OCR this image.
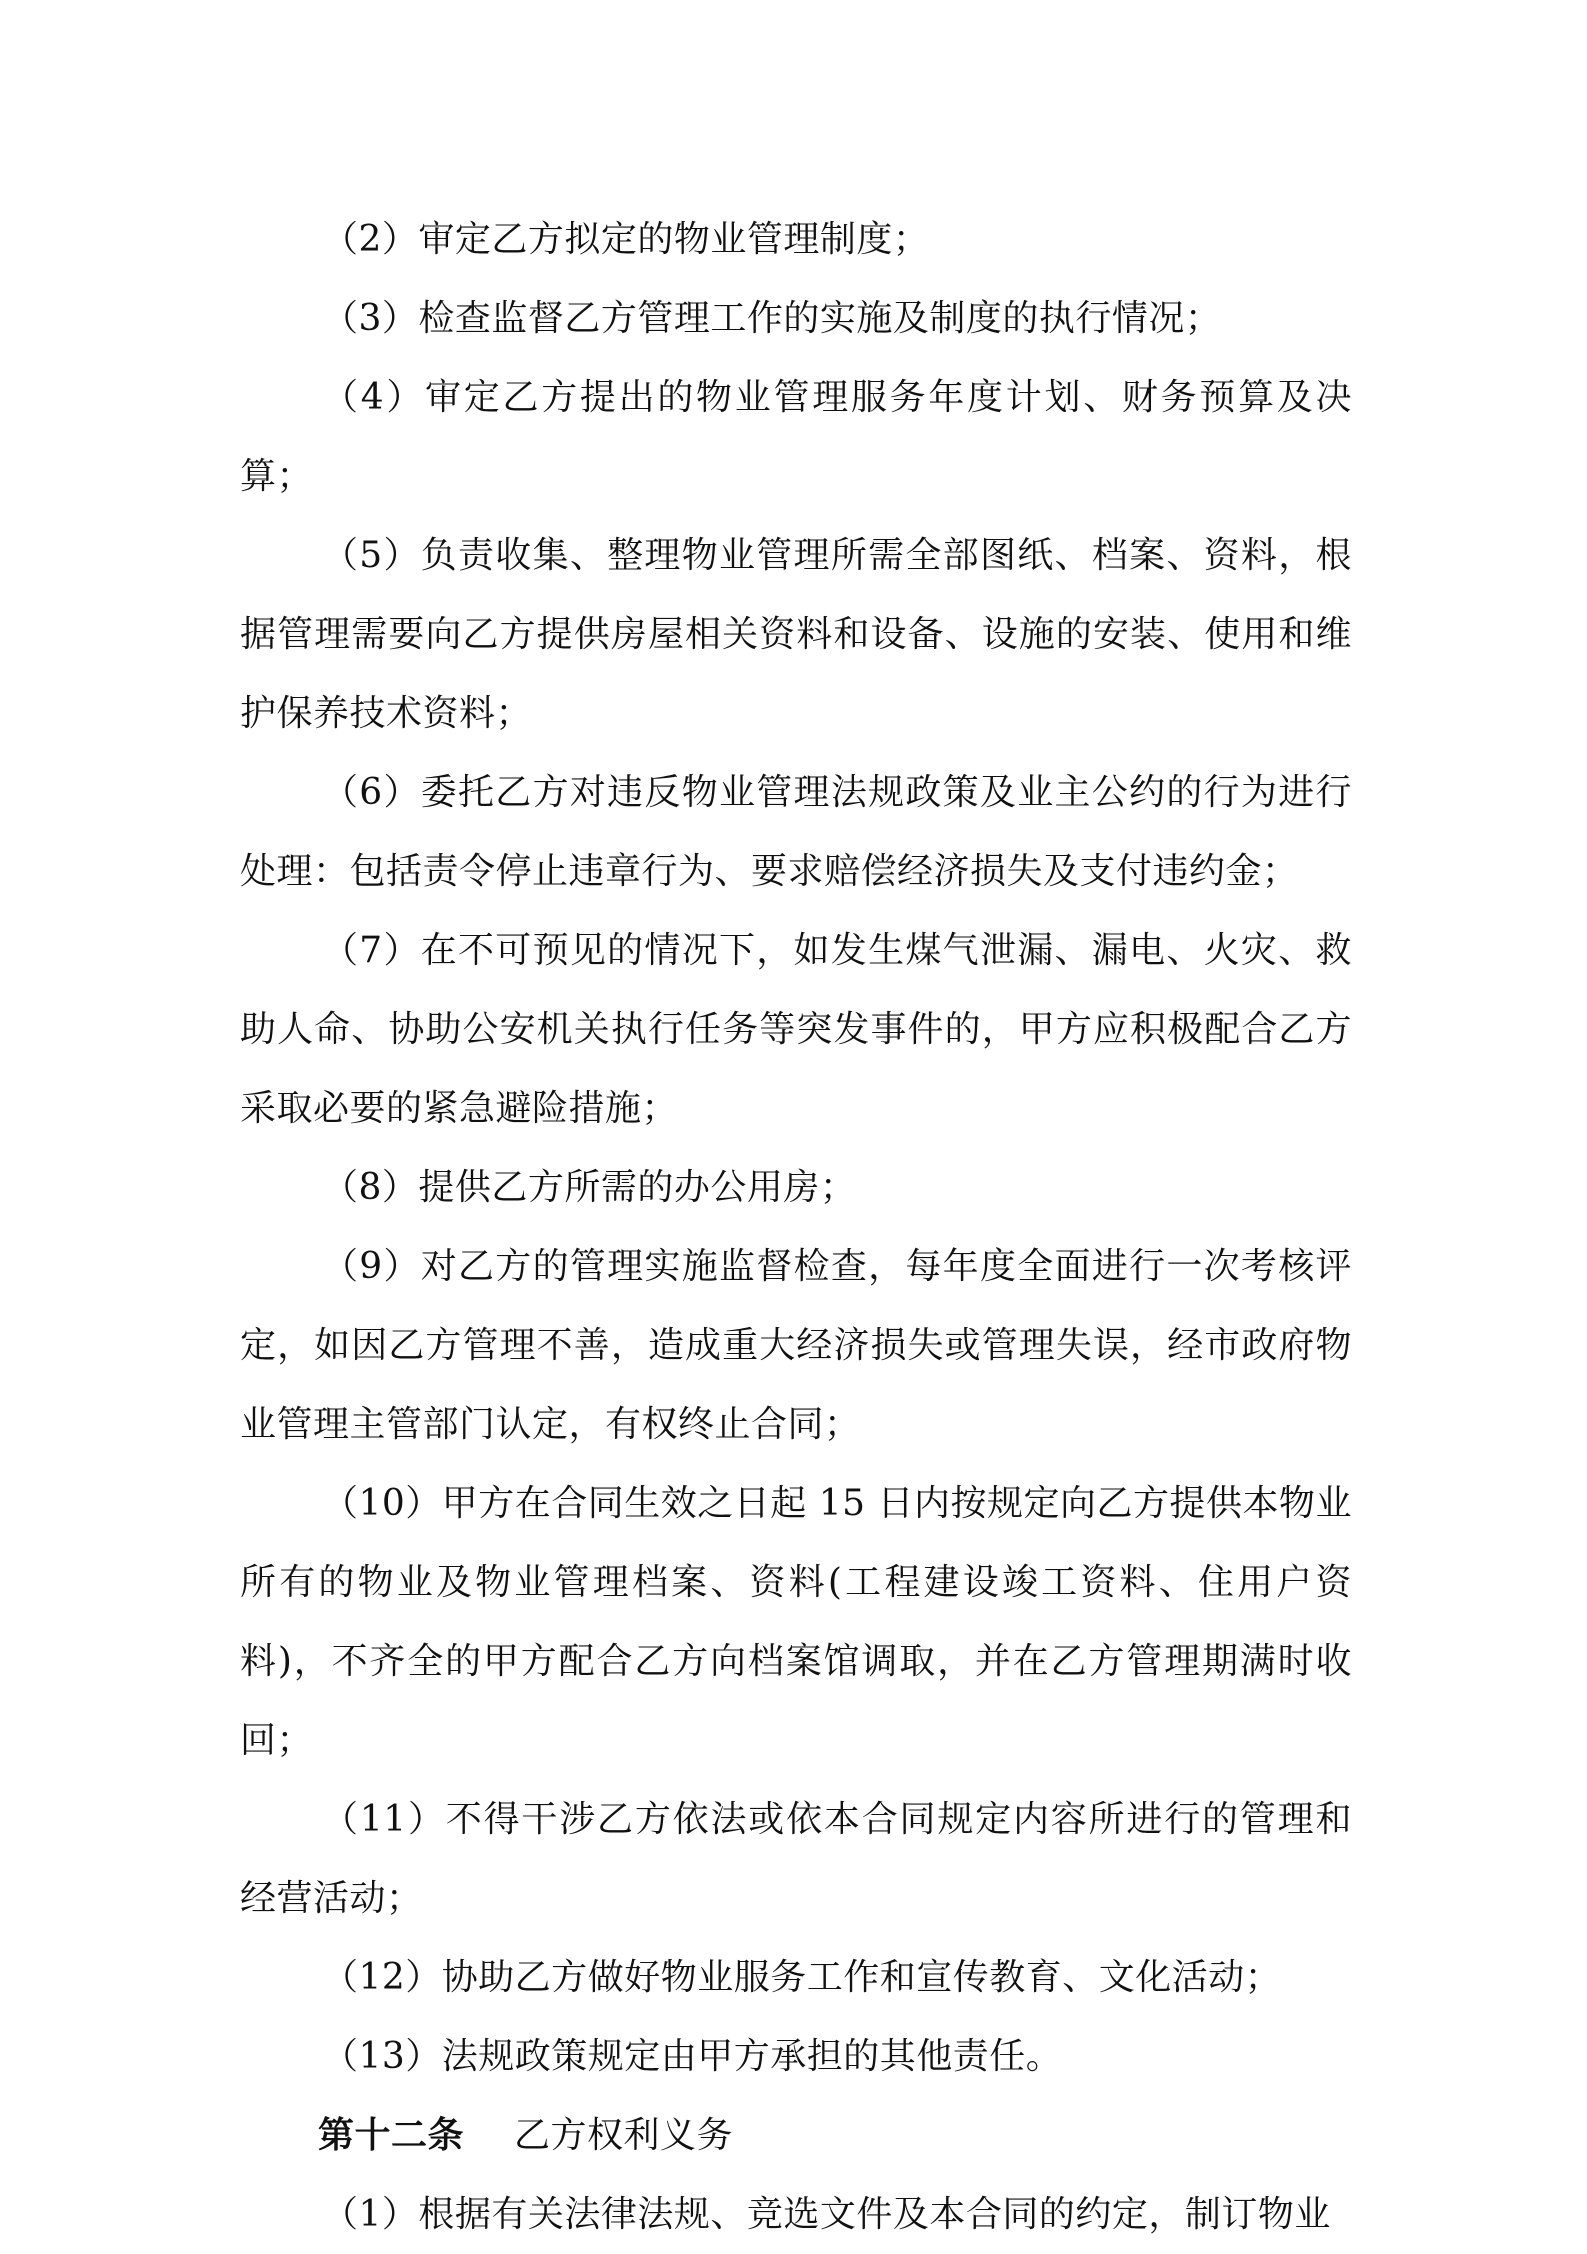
（2）审定乙方拟定的物业管理制度；

（3）检查监督乙方管理工作的实施及制度的执行情况；

（4）审定乙方提出的物业管理服务年度计划、财务预算及决算；

（5）负责收集、整理物业管理所需全部图纸、档案、资料，根据管理需要向乙方提供房屋相关资料和设备、设施的安装、使用和维护保养技术资料；

（6）委托乙方对违反物业管理法规政策及业主公约的行为进行处理：包括责令停止违章行为、要求赔偿经济损失及支付违约金；

（7）在不可预见的情况下，如发生煤气泄漏、漏电、火灾、救助人命、协助公安机关执行任务等突发事件的，甲方应积极配合乙方采取必要的紧急避险措施；

（8）提供乙方所需的办公用房；

（9）对乙方的管理实施监督检查，每年度全面进行一次考核评定，如因乙方管理不善，造成重大经济损失或管理失误，经市政府物业管理主管部门认定，有权终止合同；

（10）甲方在合同生效之日起 15 日内按规定向乙方提供本物业所有的物业及物业管理档案、资料(工程建设竣工资料、住用户资料)，不齐全的甲方配合乙方向档案馆调取，并在乙方管理期满时收回；

（11）不得干涉乙方依法或依本合同规定内容所进行的管理和经营活动；

（12）协助乙方做好物业服务工作和宣传教育、文化活动；

（13）法规政策规定由甲方承担的其他责任。

第十二条 乙方权利义务

（1）根据有关法律法规、竞选文件及本合同的约定，制订物业
